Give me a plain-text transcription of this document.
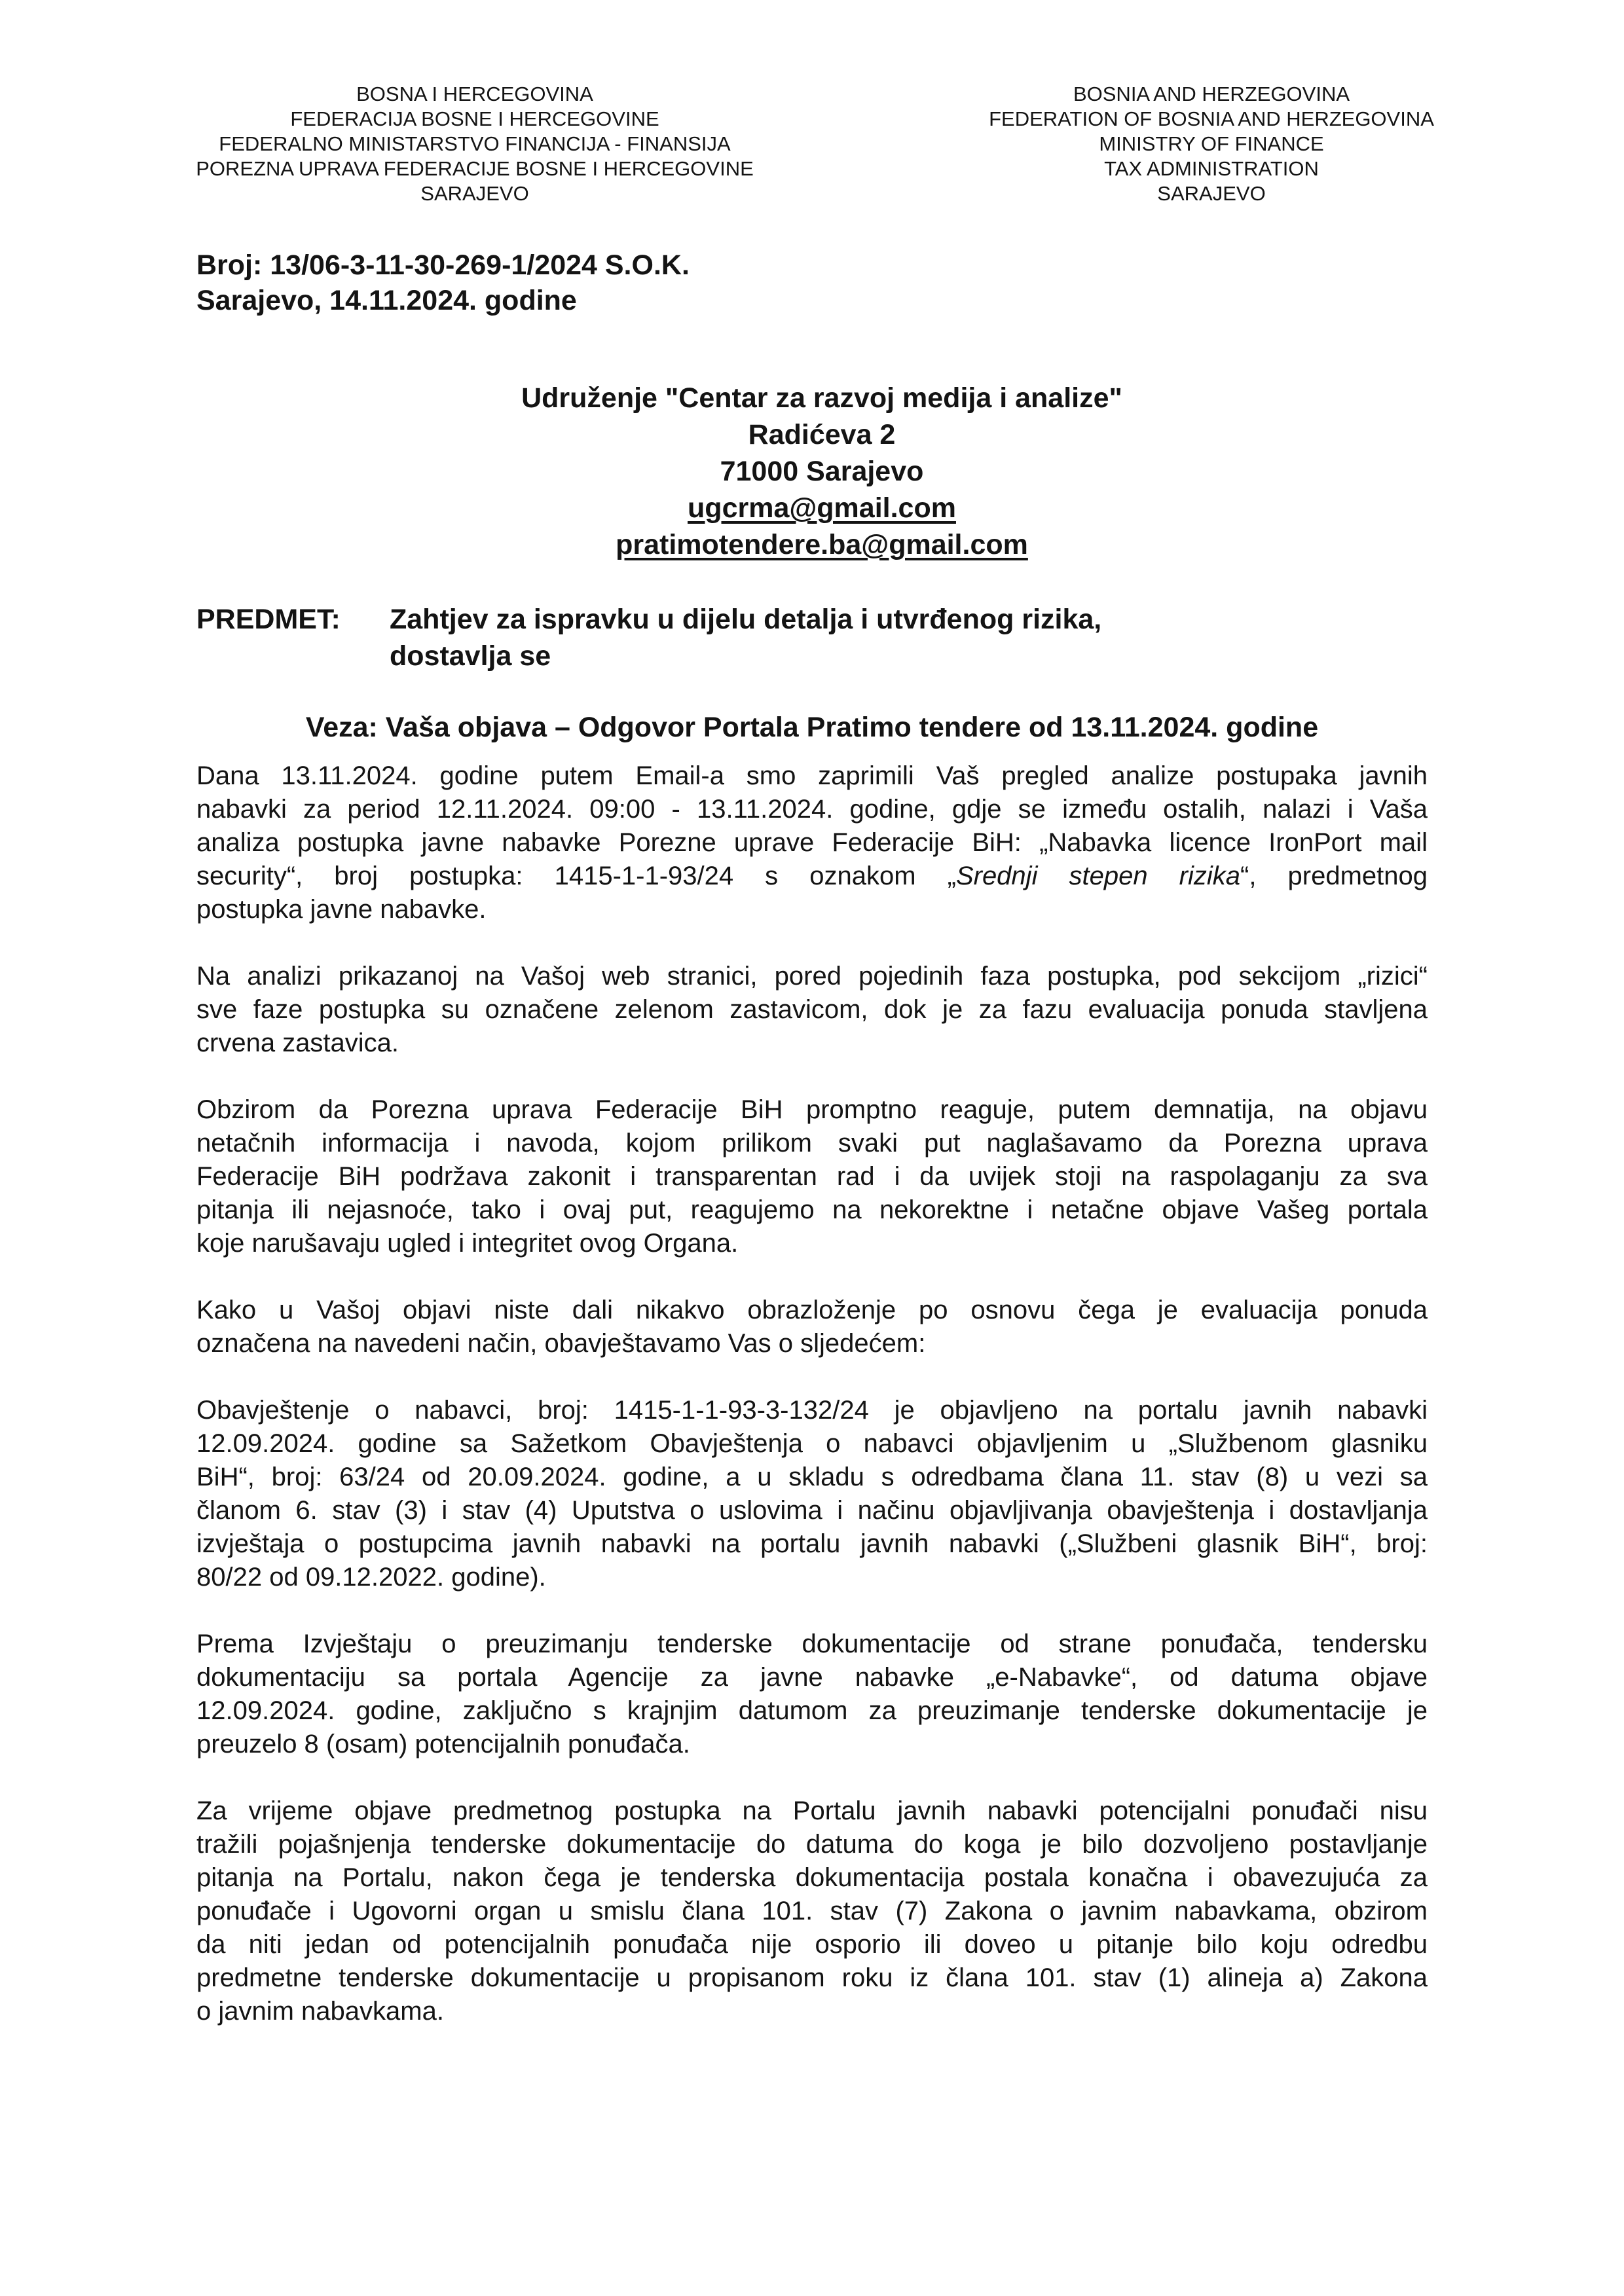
BOSNA I HERCEGOVINA
FEDERACIJA BOSNE I HERCEGOVINE
FEDERALNO MINISTARSTVO FINANCIJA - FINANSIJA
POREZNA UPRAVA FEDERACIJE BOSNE I HERCEGOVINE
SARAJEVO
BOSNIA AND HERZEGOVINA
FEDERATION OF BOSNIA AND HERZEGOVINA
MINISTRY OF FINANCE
TAX ADMINISTRATION
SARAJEVO
Broj: 13/06-3-11-30-269-1/2024 S.O.K.
Sarajevo, 14.11.2024. godine
Udruženje "Centar za razvoj medija i analize"
Radićeva 2
71000 Sarajevo
ugcrma@gmail.com
pratimotendere.ba@gmail.com
PREDMET: Zahtjev za ispravku u dijelu detalja i utvrđenog rizika,
dostavlja se
Veza: Vaša objava – Odgovor Portala Pratimo tendere od 13.11.2024. godine
Dana 13.11.2024. godine putem Email-a smo zaprimili Vaš pregled analize postupaka javnih
nabavki za period 12.11.2024. 09:00 - 13.11.2024. godine, gdje se između ostalih, nalazi i Vaša
analiza postupka javne nabavke Porezne uprave Federacije BiH: „Nabavka licence IronPort mail
security“, broj postupka: 1415-1-1-93/24 s oznakom „Srednji stepen rizika“, predmetnog
postupka javne nabavke.
Na analizi prikazanoj na Vašoj web stranici, pored pojedinih faza postupka, pod sekcijom „rizici“
sve faze postupka su označene zelenom zastavicom, dok je za fazu evaluacija ponuda stavljena
crvena zastavica.
Obzirom da Porezna uprava Federacije BiH promptno reaguje, putem demnatija, na objavu
netačnih informacija i navoda, kojom prilikom svaki put naglašavamo da Porezna uprava
Federacije BiH podržava zakonit i transparentan rad i da uvijek stoji na raspolaganju za sva
pitanja ili nejasnoće, tako i ovaj put, reagujemo na nekorektne i netačne objave Vašeg portala
koje narušavaju ugled i integritet ovog Organa.
Kako u Vašoj objavi niste dali nikakvo obrazloženje po osnovu čega je evaluacija ponuda
označena na navedeni način, obavještavamo Vas o sljedećem:
Obavještenje o nabavci, broj: 1415-1-1-93-3-132/24 je objavljeno na portalu javnih nabavki
12.09.2024. godine sa Sažetkom Obavještenja o nabavci objavljenim u „Službenom glasniku
BiH“, broj: 63/24 od 20.09.2024. godine, a u skladu s odredbama člana 11. stav (8) u vezi sa
članom 6. stav (3) i stav (4) Uputstva o uslovima i načinu objavljivanja obavještenja i dostavljanja
izvještaja o postupcima javnih nabavki na portalu javnih nabavki („Službeni glasnik BiH“, broj:
80/22 od 09.12.2022. godine).
Prema Izvještaju o preuzimanju tenderske dokumentacije od strane ponuđača, tendersku
dokumentaciju sa portala Agencije za javne nabavke „e-Nabavke“, od datuma objave
12.09.2024. godine, zaključno s krajnjim datumom za preuzimanje tenderske dokumentacije je
preuzelo 8 (osam) potencijalnih ponuđača.
Za vrijeme objave predmetnog postupka na Portalu javnih nabavki potencijalni ponuđači nisu
tražili pojašnjenja tenderske dokumentacije do datuma do koga je bilo dozvoljeno postavljanje
pitanja na Portalu, nakon čega je tenderska dokumentacija postala konačna i obavezujuća za
ponuđače i Ugovorni organ u smislu člana 101. stav (7) Zakona o javnim nabavkama, obzirom
da niti jedan od potencijalnih ponuđača nije osporio ili doveo u pitanje bilo koju odredbu
predmetne tenderske dokumentacije u propisanom roku iz člana 101. stav (1) alineja a) Zakona
o javnim nabavkama.
